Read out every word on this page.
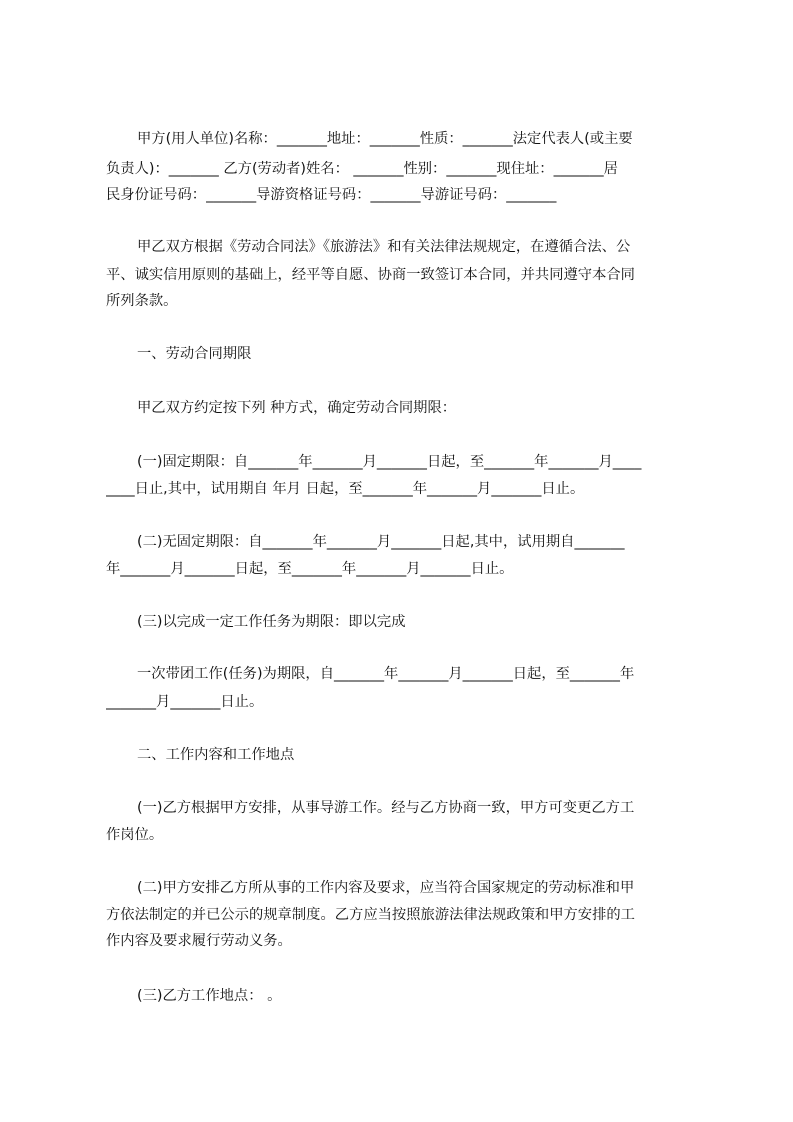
甲方(用人单位)名称：_______地址：_______性质：_______法定代表人(或主要
负责人)：_______ 乙方(劳动者)姓名： _______性别：_______现住址：_______居
民身份证号码：_______导游资格证号码：_______导游证号码：_______
甲乙双方根据《劳动合同法》《旅游法》和有关法律法规规定，在遵循合法、公
平、诚实信用原则的基础上，经平等自愿、协商一致签订本合同，并共同遵守本合同
所列条款。
一、劳动合同期限
甲乙双方约定按下列 种方式，确定劳动合同期限：
(一)固定期限：自_______年_______月_______日起，至_______年_______月____
____日止,其中，试用期自 年月 日起，至_______年_______月_______日止。
(二)无固定期限：自_______年_______月_______日起,其中，试用期自_______
年_______月_______日起，至_______年_______月_______日止。
(三)以完成一定工作任务为期限：即以完成
一次带团工作(任务)为期限，自_______年_______月_______日起，至_______年
_______月_______日止。
二、工作内容和工作地点
(一)乙方根据甲方安排，从事导游工作。经与乙方协商一致，甲方可变更乙方工
作岗位。
(二)甲方安排乙方所从事的工作内容及要求，应当符合国家规定的劳动标准和甲
方依法制定的并已公示的规章制度。乙方应当按照旅游法律法规政策和甲方安排的工
作内容及要求履行劳动义务。
(三)乙方工作地点： 。
